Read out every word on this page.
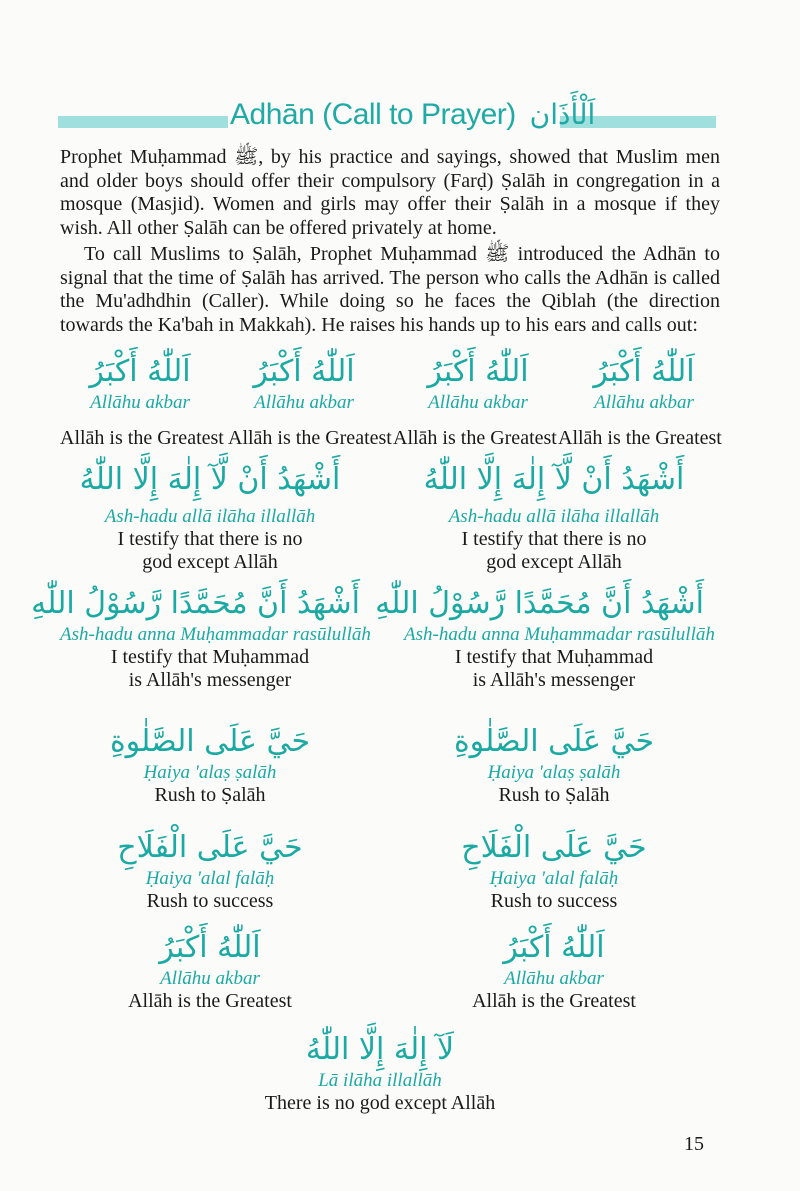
Adhān (Call to Prayer) اَلْأَذَان

Prophet Muḥammad ﷺ, by his practice and sayings, showed that Muslim men and older boys should offer their compulsory (Farḍ) Ṣalāh in congregation in a mosque (Masjid). Women and girls may offer their Ṣalāh in a mosque if they wish. All other Ṣalāh can be offered privately at home.

To call Muslims to Ṣalāh, Prophet Muḥammad ﷺ introduced the Adhān to signal that the time of Ṣalāh has arrived. The person who calls the Adhān is called the Mu'adhdhin (Caller). While doing so he faces the Qiblah (the direction towards the Ka'bah in Makkah). He raises his hands up to his ears and calls out:

اَللّٰهُ أَكْبَرُ
Allāhu akbar
اَللّٰهُ أَكْبَرُ
Allāhu akbar
اَللّٰهُ أَكْبَرُ
Allāhu akbar
اَللّٰهُ أَكْبَرُ
Allāhu akbar
Allāh is the Greatest Allāh is the Greatest Allāh is the Greatest Allāh is the Greatest
أَشْهَدُ أَنْ لَّآ إِلٰهَ إِلَّا اللّٰهُ
Ash-hadu allā ilāha illallāh
I testify that there is no
god except Allāh
أَشْهَدُ أَنْ لَّآ إِلٰهَ إِلَّا اللّٰهُ
Ash-hadu allā ilāha illallāh
I testify that there is no
god except Allāh
أَشْهَدُ أَنَّ مُحَمَّدًا رَّسُوْلُ اللّٰهِ
Ash-hadu anna Muḥammadar rasūlullāh
I testify that Muḥammad
is Allāh's messenger
أَشْهَدُ أَنَّ مُحَمَّدًا رَّسُوْلُ اللّٰهِ
Ash-hadu anna Muḥammadar rasūlullāh
I testify that Muḥammad
is Allāh's messenger
حَيَّ عَلَى الصَّلٰوةِ
Ḥaiya 'alaṣ ṣalāh
Rush to Ṣalāh
حَيَّ عَلَى الصَّلٰوةِ
Ḥaiya 'alaṣ ṣalāh
Rush to Ṣalāh
حَيَّ عَلَى الْفَلَاحِ
Ḥaiya 'alal falāḥ
Rush to success
حَيَّ عَلَى الْفَلَاحِ
Ḥaiya 'alal falāḥ
Rush to success
اَللّٰهُ أَكْبَرُ
Allāhu akbar
Allāh is the Greatest
اَللّٰهُ أَكْبَرُ
Allāhu akbar
Allāh is the Greatest
لَآ إِلٰهَ إِلَّا اللّٰهُ
Lā ilāha illallāh
There is no god except Allāh
15
